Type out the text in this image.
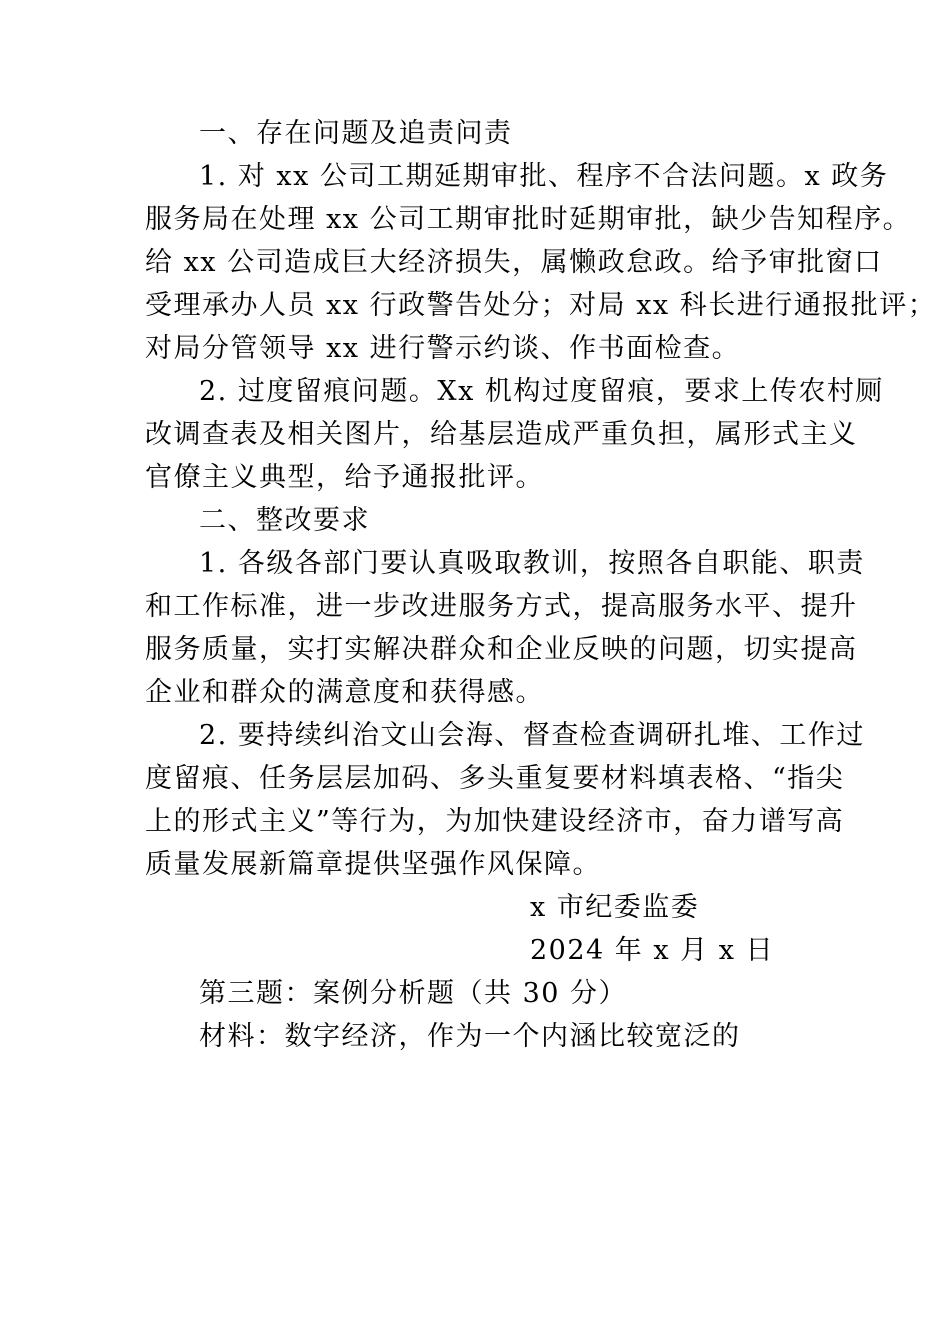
一、存在问题及追责问责
1. 对 xx 公司工期延期审批、程序不合法问题。x 政务
服务局在处理 xx 公司工期审批时延期审批，缺少告知程序。
给 xx 公司造成巨大经济损失，属懒政怠政。给予审批窗口
受理承办人员 xx 行政警告处分；对局 xx 科长进行通报批评；
对局分管领导 xx 进行警示约谈、作书面检查。
2. 过度留痕问题。Xx 机构过度留痕，要求上传农村厕
改调查表及相关图片，给基层造成严重负担，属形式主义
官僚主义典型，给予通报批评。
二、整改要求
1. 各级各部门要认真吸取教训，按照各自职能、职责
和工作标准，进一步改进服务方式，提高服务水平、提升
服务质量，实打实解决群众和企业反映的问题，切实提高
企业和群众的满意度和获得感。
2. 要持续纠治文山会海、督查检查调研扎堆、工作过
度留痕、任务层层加码、多头重复要材料填表格、“指尖
上的形式主义”等行为，为加快建设经济市，奋力谱写高
质量发展新篇章提供坚强作风保障。
x 市纪委监委
2024 年 x 月 x 日
第三题：案例分析题（共 30 分）
材料：数字经济，作为一个内涵比较宽泛的
